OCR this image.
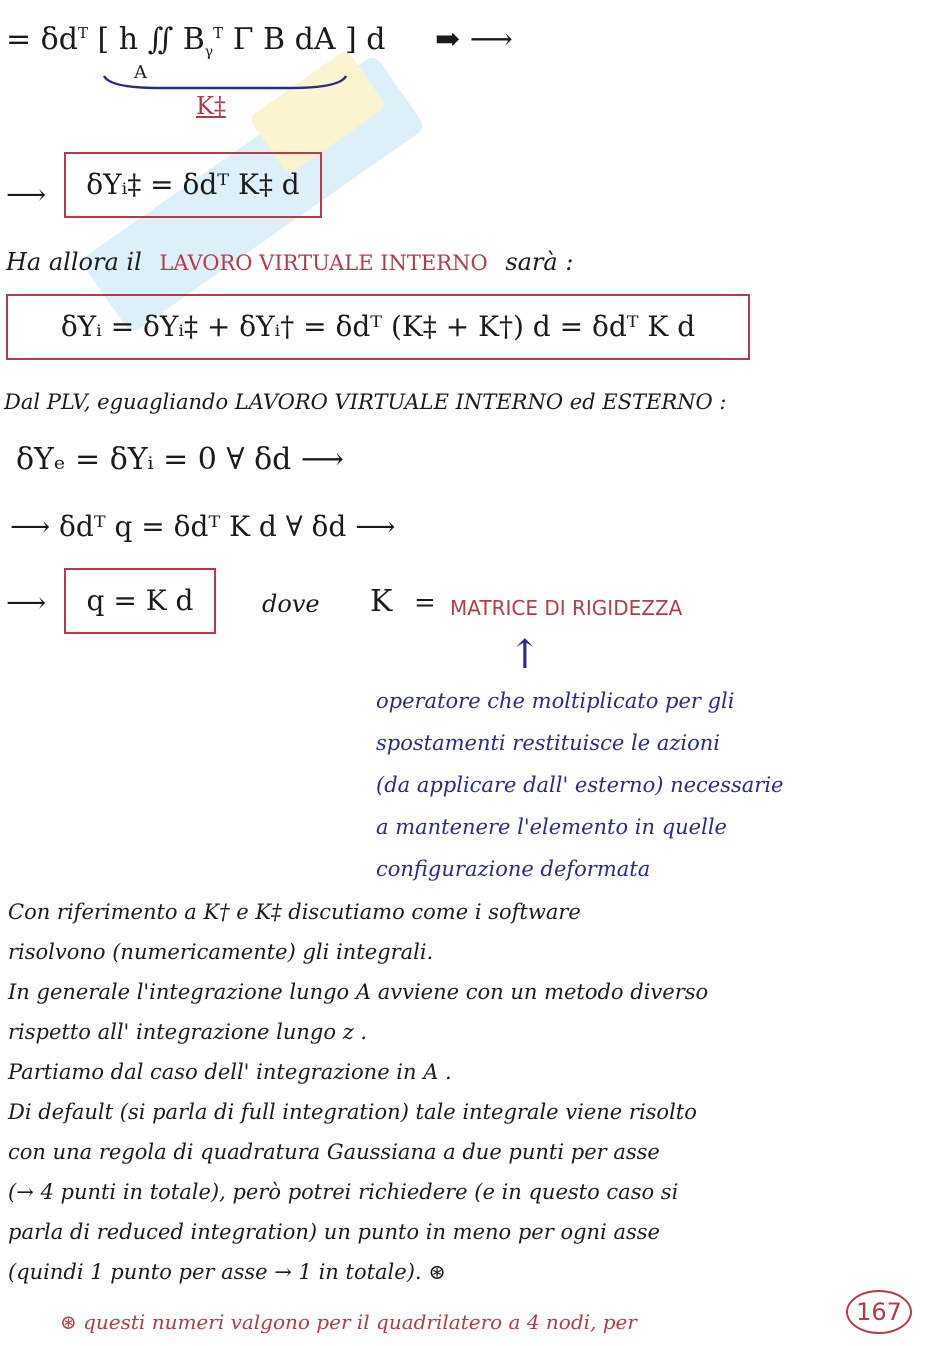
= $\delta d^T$ [ h ∬ $B_\gamma^T$ Γ B dA ] d ➡ ⟶
A
K‡
⟶	δΥᵢ‡ = δdᵀ K‡ d
Ha allora il LAVORO VIRTUALE INTERNO sarà :
δΥᵢ = δΥᵢ‡ + δΥᵢ† = δdᵀ (K‡ + K†) d = δdᵀ K d
Dal PLV, eguagliando LAVORO VIRTUALE INTERNO ed ESTERNO :
δΥₑ = δΥᵢ = 0 ∀ δd ⟶
⟶ δdᵀ q = δdᵀ K d ∀ δd ⟶
⟶	q = K d	dove K = MATRICE DI RIGIDEZZA
↑
operatore che moltiplicato per gli
spostamenti restituisce le azioni
(da applicare dall' esterno) necessarie
a mantenere l'elemento in quelle
configurazione deformata
Con riferimento a K† e K‡ discutiamo come i software
risolvono (numericamente) gli integrali.
In generale l'integrazione lungo A avviene con un metodo diverso
rispetto all' integrazione lungo z .
Partiamo dal caso dell' integrazione in A .
Di default (si parla di full integration) tale integrale viene risolto
con una regola di quadratura Gaussiana a due punti per asse
(→ 4 punti in totale), però potrei richiedere (e in questo caso si
parla di reduced integration) un punto in meno per ogni asse
(quindi 1 punto per asse → 1 in totale). ⊛
⊛ questi numeri valgono per il quadrilatero a 4 nodi, per	167
